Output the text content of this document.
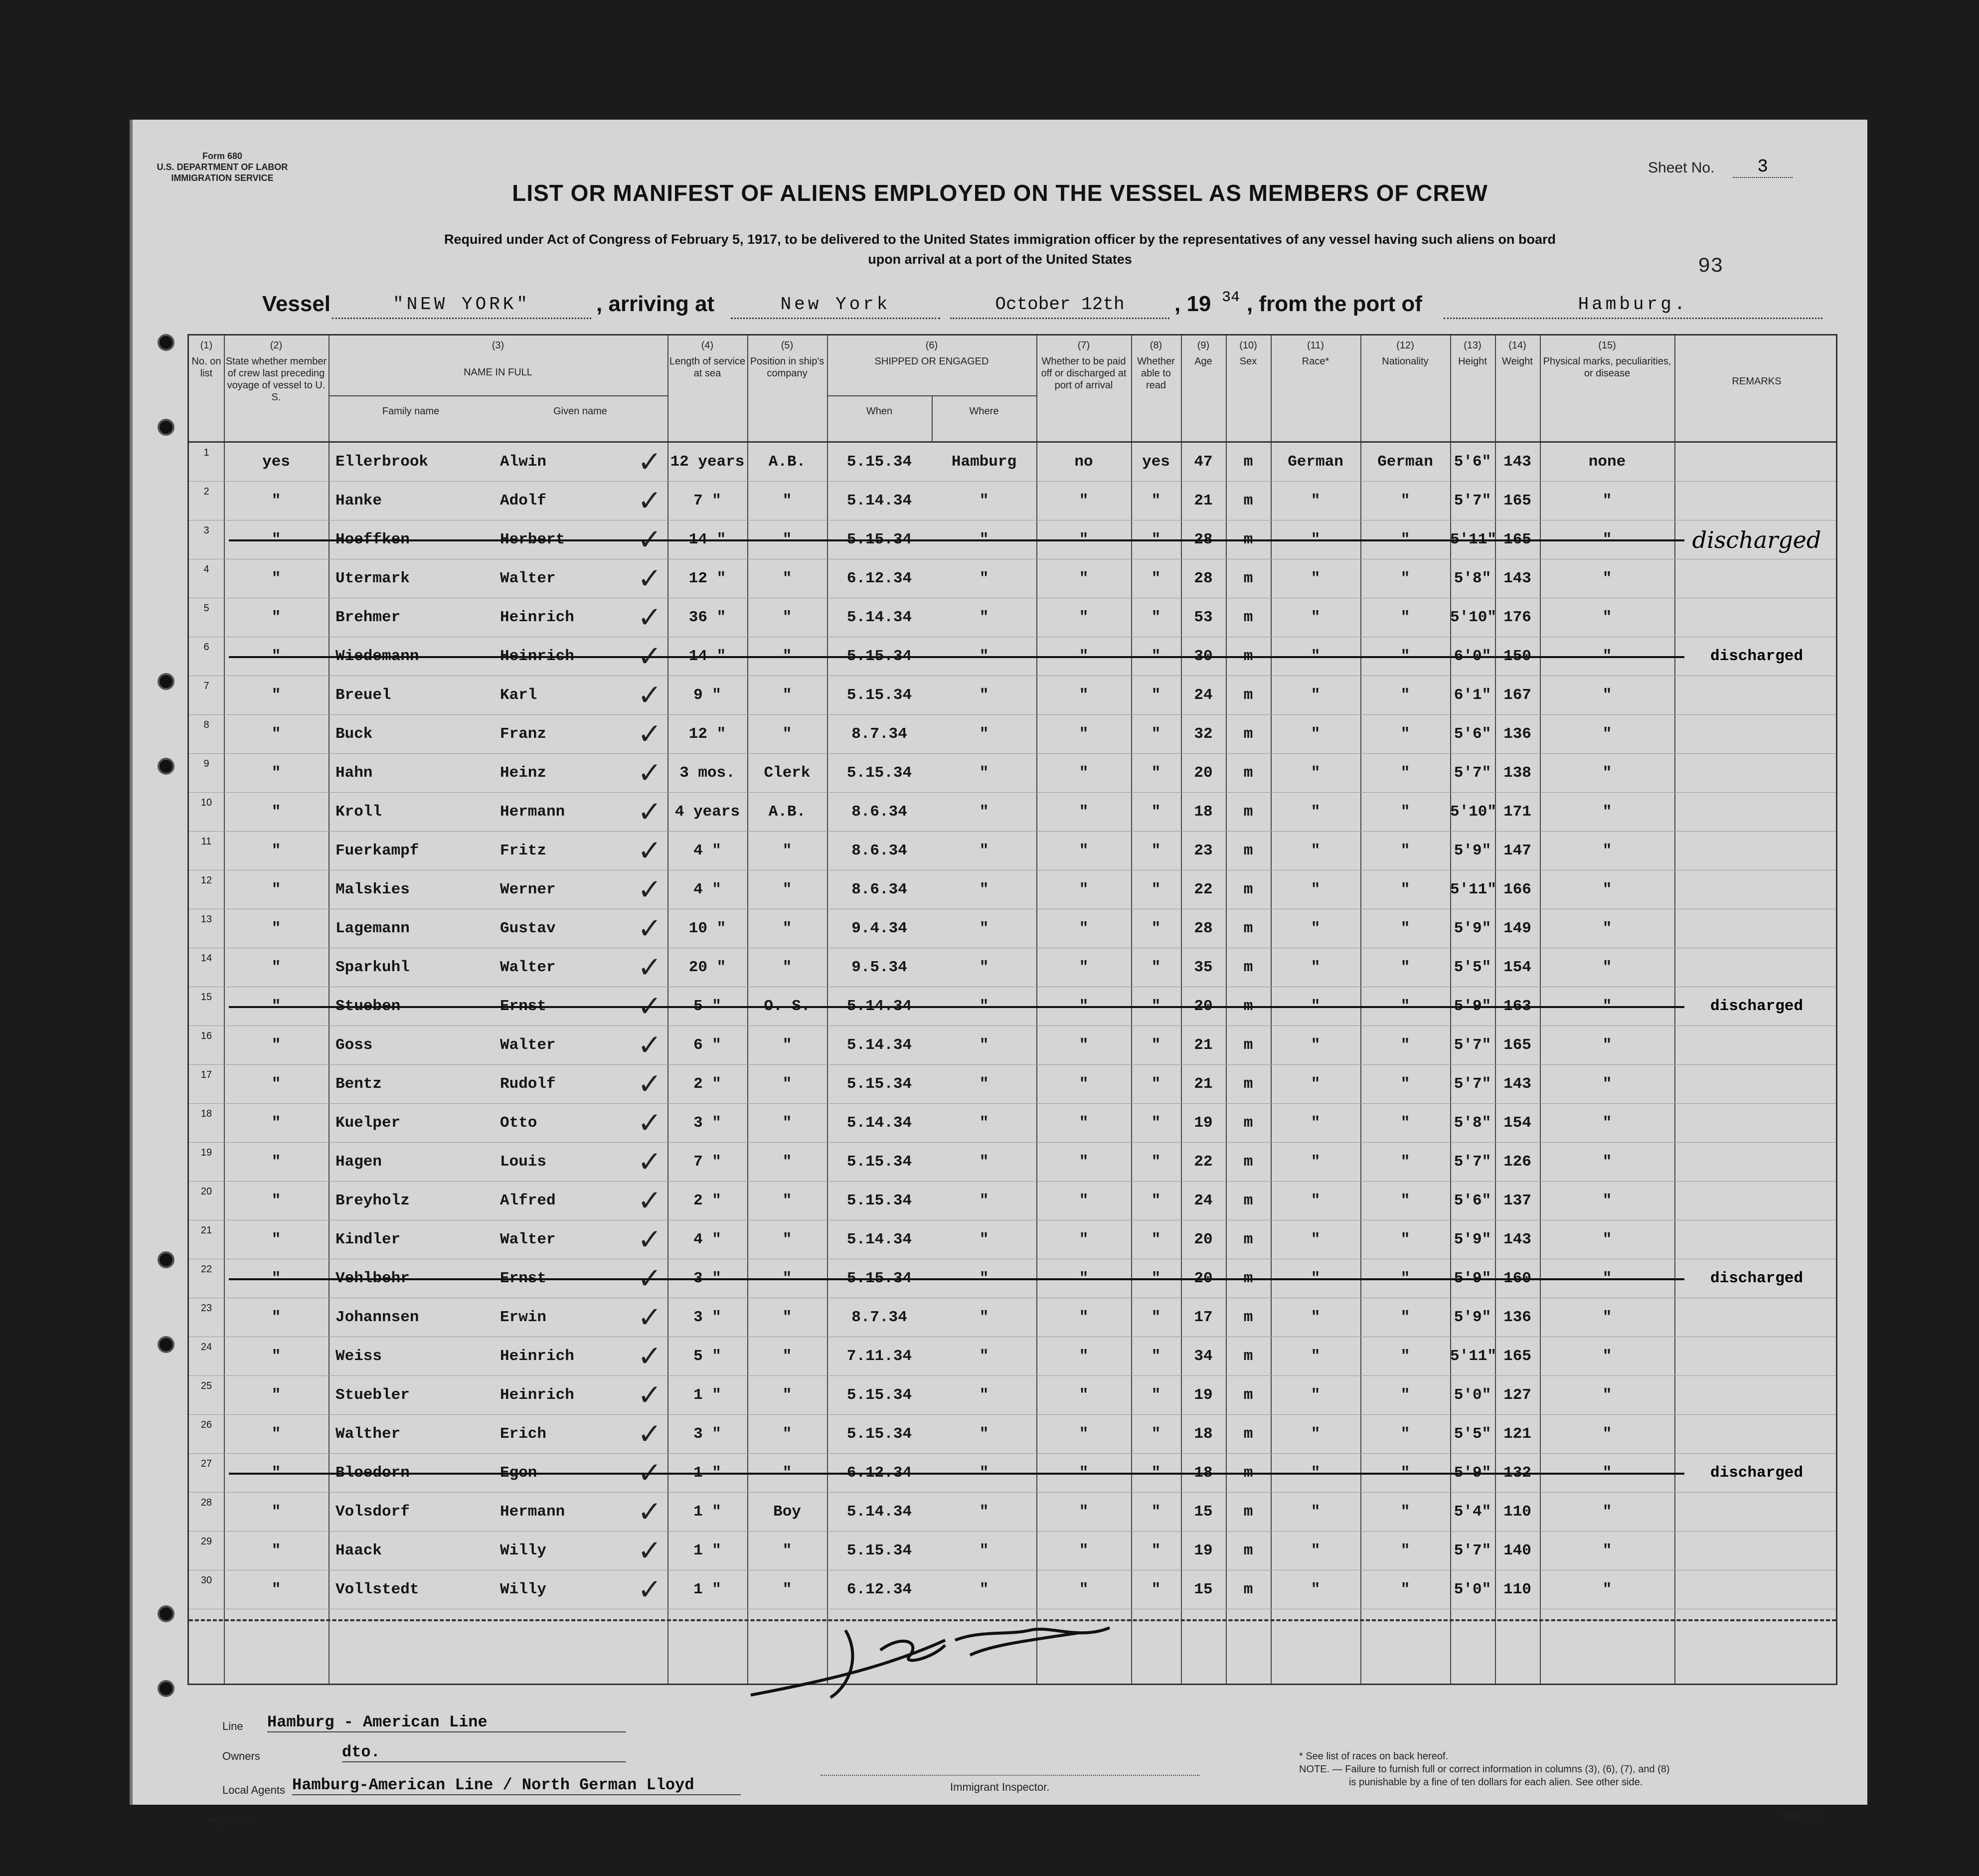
Form 680
U.S. DEPARTMENT OF LABOR
IMMIGRATION SERVICE
Sheet No.	3
93
LIST OR MANIFEST OF ALIENS EMPLOYED ON THE VESSEL AS MEMBERS OF CREW
Required under Act of Congress of February 5, 1917, to be delivered to the United States immigration officer by the representatives of any vessel having such aliens on board
upon arrival at a port of the United States
Vessel	"NEW YORK"	, arriving at	New York	October 12th	, 19 34 , from the port of	Hamburg.
(1)
No. on list
(2)
State whether member of crew last preceding voyage of vessel to U. S.
(3)
NAME IN FULL
Family name	Given name
(4)
Length of service at sea
(5)
Position in ship's company
(6)
SHIPPED OR ENGAGED
When	Where
(7)
Whether to be paid off or discharged at port of arrival
(8)
Whether able to read
(9)
Age
(10)
Sex
(11)
Race*
(12)
Nationality
(13)
Height
(14)
Weight
(15)
Physical marks, peculiarities, or disease
REMARKS
1
yes	Ellerbrook	Alwin	12 years	A.B.	5.15.34	Hamburg	no	yes	47	m	German	German	5'6" 143	none
✓
2
"	Hanke	Adolf	7 "	"	5.14.34	"	"	"	21	m	"	"	5'7" 165	"
✓
3
"	Hoeffken	Herbert	14 "	"	5.15.34	"	"	"	28	m	"	"	5'11" 165	"
✓	discharged
4
"	Utermark	Walter	12 "	"	6.12.34	"	"	"	28	m	"	"	5'8" 143	"
✓
5
"	Brehmer	Heinrich	36 "	"	5.14.34	"	"	"	53	m	"	"	5'10" 176	"
✓
6
"	Wiedemann	Heinrich	14 "	"	5.15.34	"	"	"	30	m	"	"	6'0" 150	"
✓	discharged
7
"	Breuel	Karl	9 "	"	5.15.34	"	"	"	24	m	"	"	6'1" 167	"
✓
8
"	Buck	Franz	12 "	"	8.7.34	"	"	"	32	m	"	"	5'6" 136	"
✓
9
"	Hahn	Heinz	3 mos.	Clerk	5.15.34	"	"	"	20	m	"	"	5'7" 138	"
✓
10
"	Kroll	Hermann	4 years	A.B.	8.6.34	"	"	"	18	m	"	"	5'10" 171	"
✓
11
"	Fuerkampf	Fritz	4 "	"	8.6.34	"	"	"	23	m	"	"	5'9" 147	"
✓
12
"	Malskies	Werner	4 "	"	8.6.34	"	"	"	22	m	"	"	5'11" 166	"
✓
13
"	Lagemann	Gustav	10 "	"	9.4.34	"	"	"	28	m	"	"	5'9" 149	"
✓
14
"	Sparkuhl	Walter	20 "	"	9.5.34	"	"	"	35	m	"	"	5'5" 154	"
✓
15
"	Stueben	Ernst	5 "	O. S.	5.14.34	"	"	"	20	m	"	"	5'9" 163	"
✓	discharged
16
"	Goss	Walter	6 "	"	5.14.34	"	"	"	21	m	"	"	5'7" 165	"
✓
17
"	Bentz	Rudolf	2 "	"	5.15.34	"	"	"	21	m	"	"	5'7" 143	"
✓
18
"	Kuelper	Otto	3 "	"	5.14.34	"	"	"	19	m	"	"	5'8" 154	"
✓
19
"	Hagen	Louis	7 "	"	5.15.34	"	"	"	22	m	"	"	5'7" 126	"
✓
20
"	Breyholz	Alfred	2 "	"	5.15.34	"	"	"	24	m	"	"	5'6" 137	"
✓
21
"	Kindler	Walter	4 "	"	5.14.34	"	"	"	20	m	"	"	5'9" 143	"
✓
22
"	Vehlbehr	Ernst	3 "	"	5.15.34	"	"	"	20	m	"	"	5'9" 160	"
✓	discharged
23
"	Johannsen	Erwin	3 "	"	8.7.34	"	"	"	17	m	"	"	5'9" 136	"
✓
24
"	Weiss	Heinrich	5 "	"	7.11.34	"	"	"	34	m	"	"	5'11" 165	"
✓
25
"	Stuebler	Heinrich	1 "	"	5.15.34	"	"	"	19	m	"	"	5'0" 127	"
✓
26
"	Walther	Erich	3 "	"	5.15.34	"	"	"	18	m	"	"	5'5" 121	"
✓
27
"	Bloedorn	Egon	1 "	"	6.12.34	"	"	"	18	m	"	"	5'9" 132	"
✓	discharged
28
"	Volsdorf	Hermann	1 "	Boy	5.14.34	"	"	"	15	m	"	"	5'4" 110	"
✓
29
"	Haack	Willy	1 "	"	5.15.34	"	"	"	19	m	"	"	5'7" 140	"
✓
30
"	Vollstedt	Willy	1 "	"	6.12.34	"	"	"	15	m	"	"	5'0" 110	"
✓
Line Hamburg - American Line
Owners	dto.
Local Agents Hamburg-American Line / North German Lloyd	Immigrant Inspector.
* See list of races on back hereof.
NOTE. — Failure to furnish full or correct information in columns (3), (6), (7), and (8)
is punishable by a fine of ten dollars for each alien. See other side.
Sch 571
HR gol 33 nd
